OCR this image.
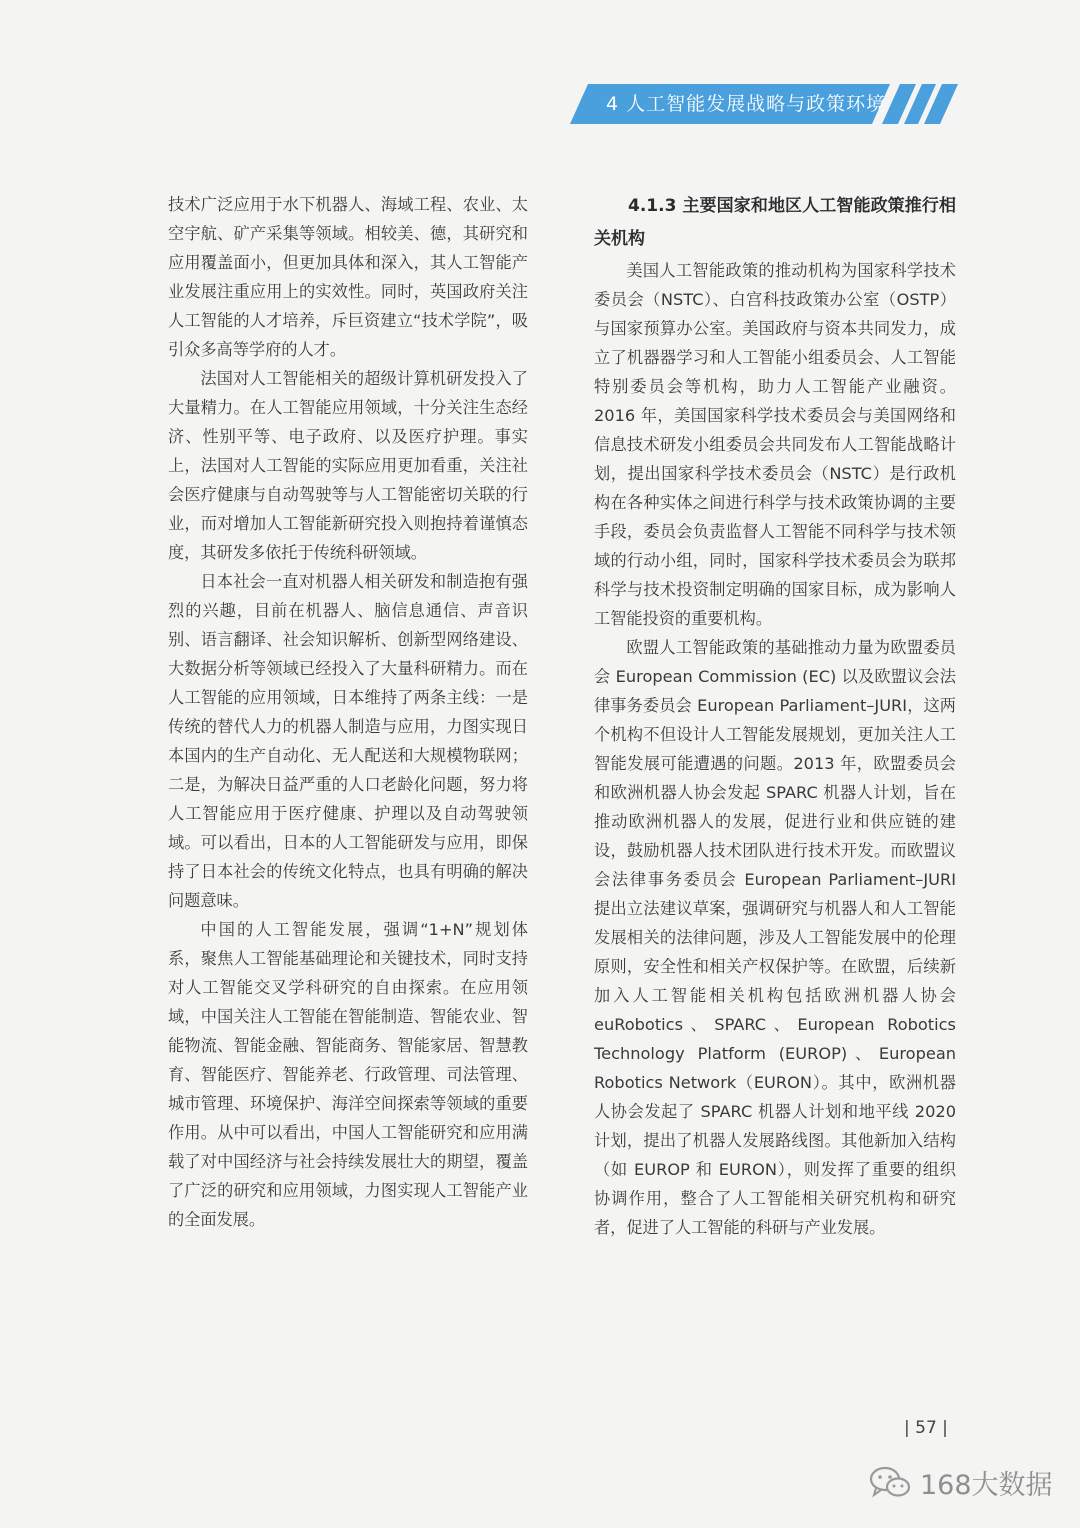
4 人工智能发展战略与政策环境

技术广泛应用于水下机器人、海域工程、农业、太空宇航、矿产采集等领域。相较美、德，其研究和应用覆盖面小，但更加具体和深入，其人工智能产业发展注重应用上的实效性。同时，英国政府关注人工智能的人才培养，斥巨资建立“技术学院”，吸引众多高等学府的人才。

法国对人工智能相关的超级计算机研发投入了大量精力。在人工智能应用领域，十分关注生态经济、性别平等、电子政府、以及医疗护理。事实上，法国对人工智能的实际应用更加看重，关注社会医疗健康与自动驾驶等与人工智能密切关联的行业，而对增加人工智能新研究投入则抱持着谨慎态度，其研发多依托于传统科研领域。

日本社会一直对机器人相关研发和制造抱有强烈的兴趣，目前在机器人、脑信息通信、声音识别、语言翻译、社会知识解析、创新型网络建设、大数据分析等领域已经投入了大量科研精力。而在人工智能的应用领域，日本维持了两条主线：一是传统的替代人力的机器人制造与应用，力图实现日本国内的生产自动化、无人配送和大规模物联网；二是，为解决日益严重的人口老龄化问题，努力将人工智能应用于医疗健康、护理以及自动驾驶领域。可以看出，日本的人工智能研发与应用，即保持了日本社会的传统文化特点，也具有明确的解决问题意味。

中国的人工智能发展，强调“1+N”规划体系，聚焦人工智能基础理论和关键技术，同时支持对人工智能交叉学科研究的自由探索。在应用领域，中国关注人工智能在智能制造、智能农业、智能物流、智能金融、智能商务、智能家居、智慧教育、智能医疗、智能养老、行政管理、司法管理、城市管理、环境保护、海洋空间探索等领域的重要作用。从中可以看出，中国人工智能研究和应用满载了对中国经济与社会持续发展壮大的期望，覆盖了广泛的研究和应用领域，力图实现人工智能产业的全面发展。

4.1.3 主要国家和地区人工智能政策推行相关机构

美国人工智能政策的推动机构为国家科学技术委员会（NSTC）、白宫科技政策办公室（OSTP）与国家预算办公室。美国政府与资本共同发力，成立了机器器学习和人工智能小组委员会、人工智能特别委员会等机构，助力人工智能产业融资。2016 年，美国国家科学技术委员会与美国网络和信息技术研发小组委员会共同发布人工智能战略计划，提出国家科学技术委员会（NSTC）是行政机构在各种实体之间进行科学与技术政策协调的主要手段，委员会负责监督人工智能不同科学与技术领域的行动小组，同时，国家科学技术委员会为联邦科学与技术投资制定明确的国家目标，成为影响人工智能投资的重要机构。

欧盟人工智能政策的基础推动力量为欧盟委员会 European Commission (EC) 以及欧盟议会法律事务委员会 European Parliament–JURI，这两个机构不但设计人工智能发展规划，更加关注人工智能发展可能遭遇的问题。2013 年，欧盟委员会和欧洲机器人协会发起 SPARC 机器人计划，旨在推动欧洲机器人的发展，促进行业和供应链的建设，鼓励机器人技术团队进行技术开发。而欧盟议会法律事务委员会 European Parliament–JURI 提出立法建议草案，强调研究与机器人和人工智能发展相关的法律问题，涉及人工智能发展中的伦理原则，安全性和相关产权保护等。在欧盟，后续新加入人工智能相关机构包括欧洲机器人协会 euRobotics、SPARC、European Robotics Technology Platform (EUROP)、European Robotics Network（EURON）。其中，欧洲机器人协会发起了 SPARC 机器人计划和地平线 2020 计划，提出了机器人发展路线图。其他新加入结构（如 EUROP 和 EURON），则发挥了重要的组织协调作用，整合了人工智能相关研究机构和研究者，促进了人工智能的科研与产业发展。

| 57 |
168大数据
